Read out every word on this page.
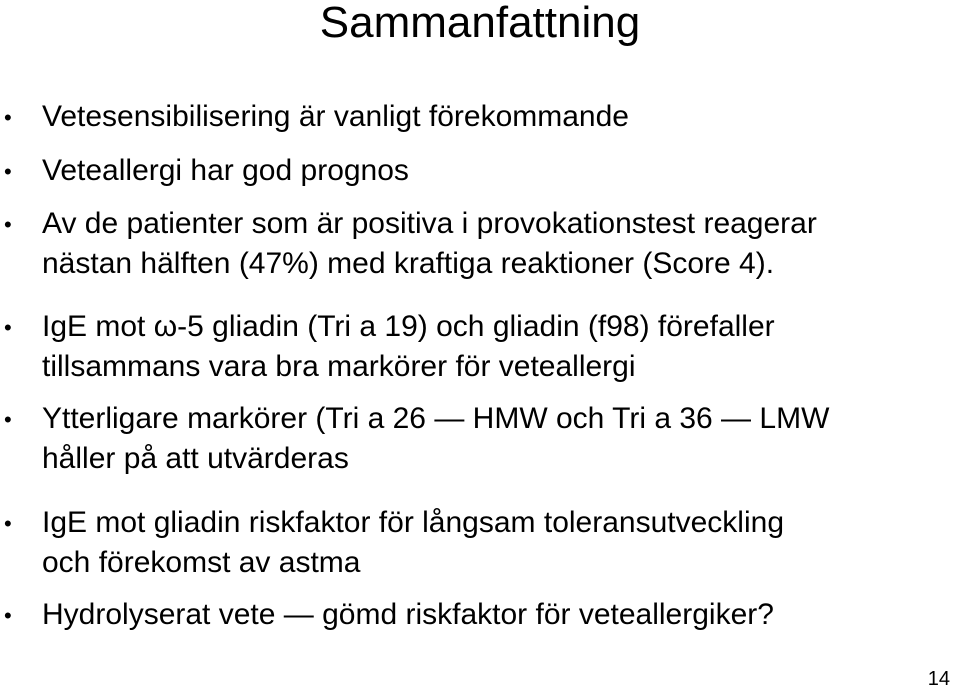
Sammanfattning
• Vetesensibilisering är vanligt förekommande
• Veteallergi har god prognos
• Av de patienter som är positiva i provokationstest reagerar
nästan hälften (47%) med kraftiga reaktioner (Score 4).
• IgE mot ω-5 gliadin (Tri a 19) och gliadin (f98) förefaller
tillsammans vara bra markörer för veteallergi
• Ytterligare markörer (Tri a 26 — HMW och Tri a 36 — LMW
håller på att utvärderas
• IgE mot gliadin riskfaktor för långsam toleransutveckling
och förekomst av astma
• Hydrolyserat vete — gömd riskfaktor för veteallergiker?
14
